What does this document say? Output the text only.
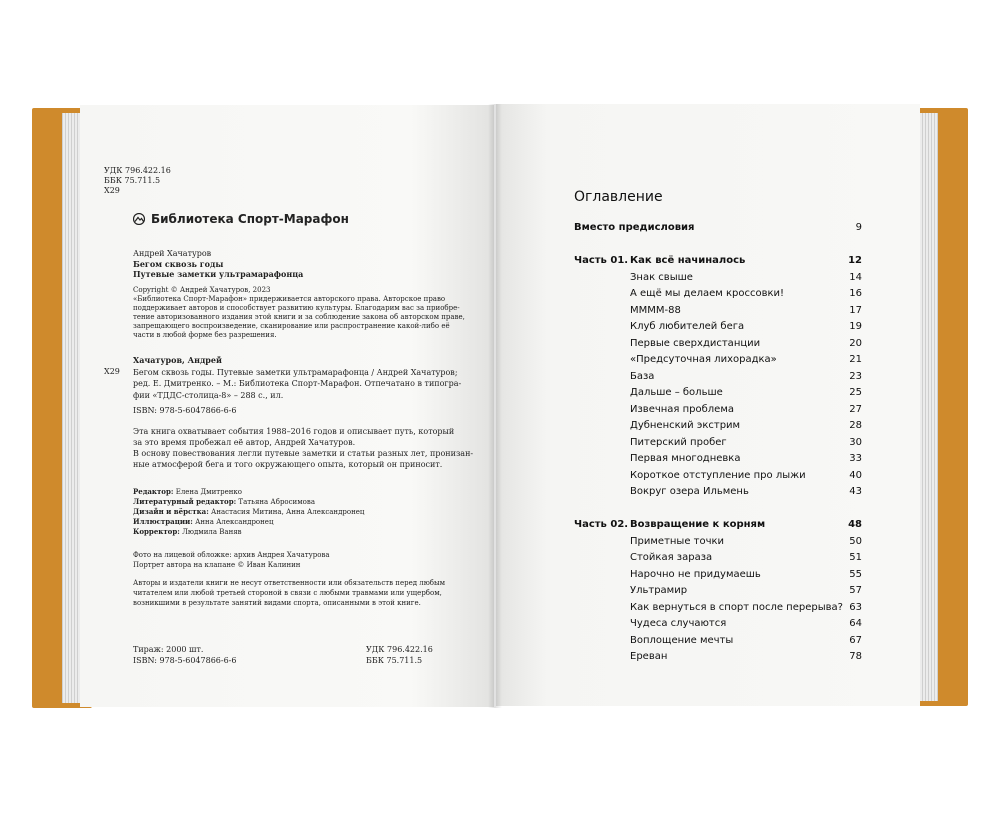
УДК 796.422.16
ББК 75.711.5
Х29
Библиотека Спорт-Марафон
Андрей Хачатуров
Бегом сквозь годы
Путевые заметки ультрамарафонца
Copyright © Андрей Хачатуров, 2023
«Библиотека Спорт-Марафон» придерживается авторского права. Авторское право
поддерживает авторов и способствует развитию культуры. Благодарим вас за приобре-
тение авторизованного издания этой книги и за соблюдение закона об авторском праве,
запрещающего воспроизведение, сканирование или распространение какой-либо её
части в любой форме без разрешения.
Х29
Хачатуров, Андрей
Бегом сквозь годы. Путевые заметки ультрамарафонца / Андрей Хачатуров;
ред. Е. Дмитренко. – М.: Библиотека Спорт-Марафон. Отпечатано в типогра-
фии «ТДДС-столица-8» – 288 с., ил.
ISBN: 978-5-6047866-6-6
Эта книга охватывает события 1988–2016 годов и описывает путь, который
за это время пробежал её автор, Андрей Хачатуров.
В основу повествования легли путевые заметки и статьи разных лет, пронизан-
ные атмосферой бега и того окружающего опыта, который он приносит.
Редактор: Елена Дмитренко
Литературный редактор: Татьяна Абросимова
Дизайн и вёрстка: Анастасия Митина, Анна Александронец
Иллюстрации: Анна Александронец
Корректор: Людмила Ваняв
Фото на лицевой обложке: архив Андрея Хачатурова
Портрет автора на клапане © Иван Калинин
Авторы и издатели книги не несут ответственности или обязательств перед любым
читателем или любой третьей стороной в связи с любыми травмами или ущербом,
возникшими в результате занятий видами спорта, описанными в этой книге.
Тираж: 2000 шт.
ISBN: 978-5-6047866-6-6
УДК 796.422.16
ББК 75.711.5
Оглавление
Вместо предисловия	9
Часть 01. Как всё начиналось	12
Знак свыше	14
А ещё мы делаем кроссовки!	16
ММММ-88	17
Клуб любителей бега	19
Первые сверхдистанции	20
«Предсуточная лихорадка»	21
База	23
Дальше – больше	25
Извечная проблема	27
Дубненский экстрим	28
Питерский пробег	30
Первая многодневка	33
Короткое отступление про лыжи	40
Вокруг озера Ильмень	43
Часть 02. Возвращение к корням	48
Приметные точки	50
Стойкая зараза	51
Нарочно не придумаешь	55
Ультрамир	57
Как вернуться в спорт после перерыва? 63
Чудеса случаются	64
Воплощение мечты	67
Ереван	78
